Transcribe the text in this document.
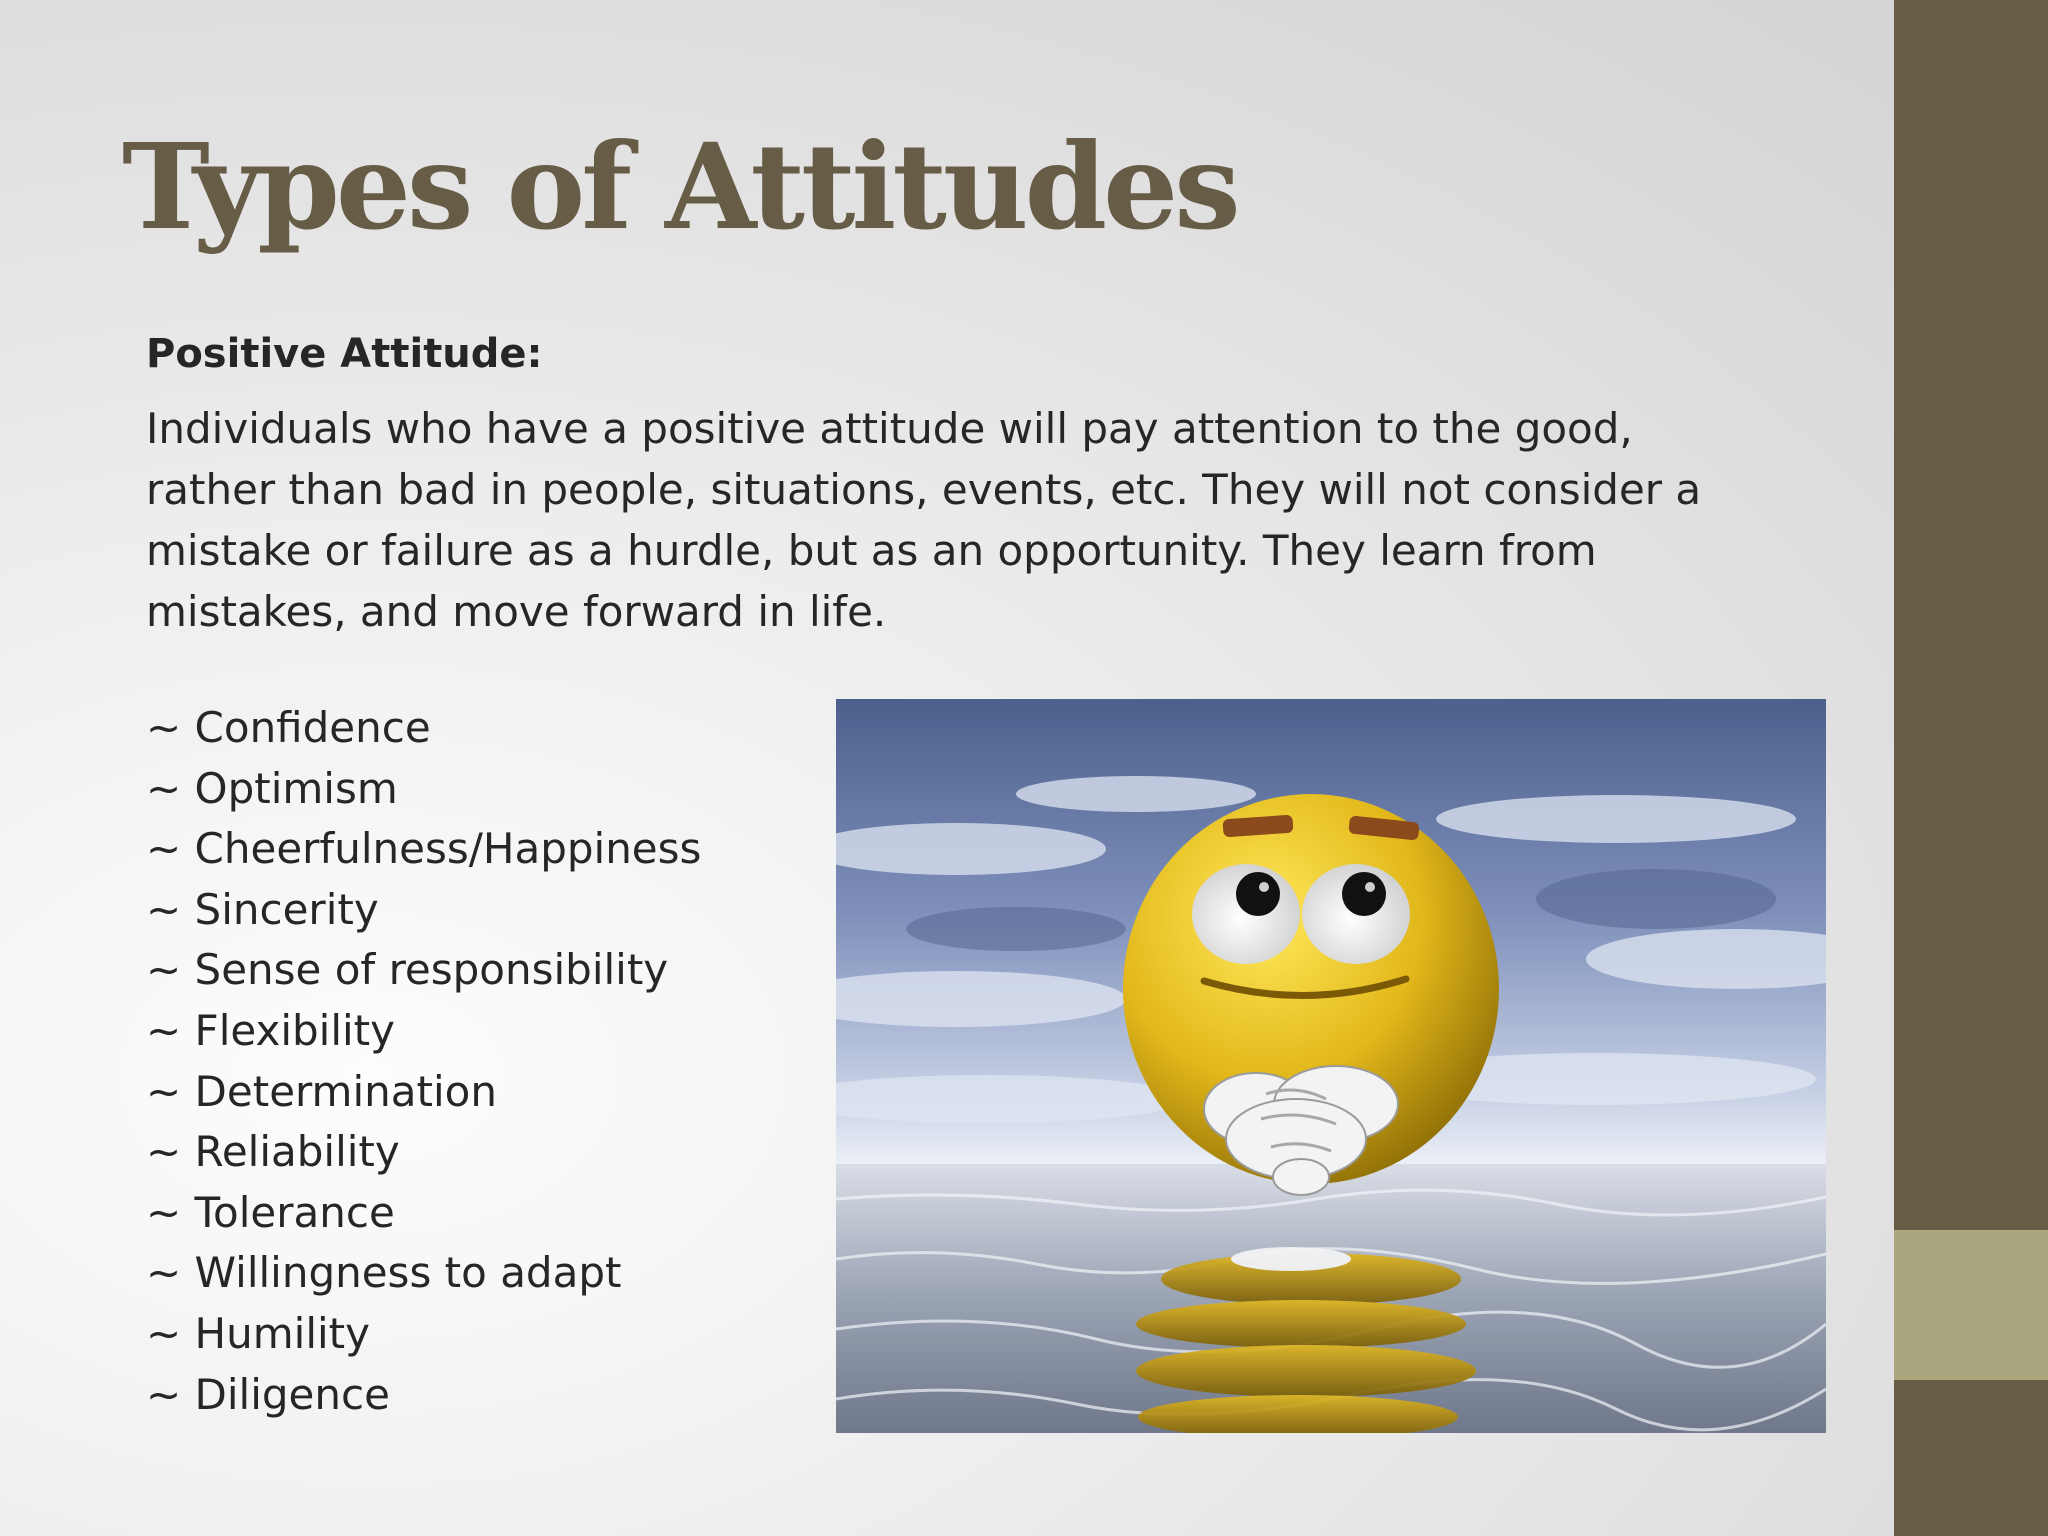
Types of Attitudes

Positive Attitude:

Individuals who have a positive attitude will pay attention to the good, rather than bad in people, situations, events, etc. They will not consider a mistake or failure as a hurdle, but as an opportunity. They learn from mistakes, and move forward in life.

~ Confidence
~ Optimism
~ Cheerfulness/Happiness
~ Sincerity
~ Sense of responsibility
~ Flexibility
~ Determination
~ Reliability
~ Tolerance
~ Willingness to adapt
~ Humility
~ Diligence
